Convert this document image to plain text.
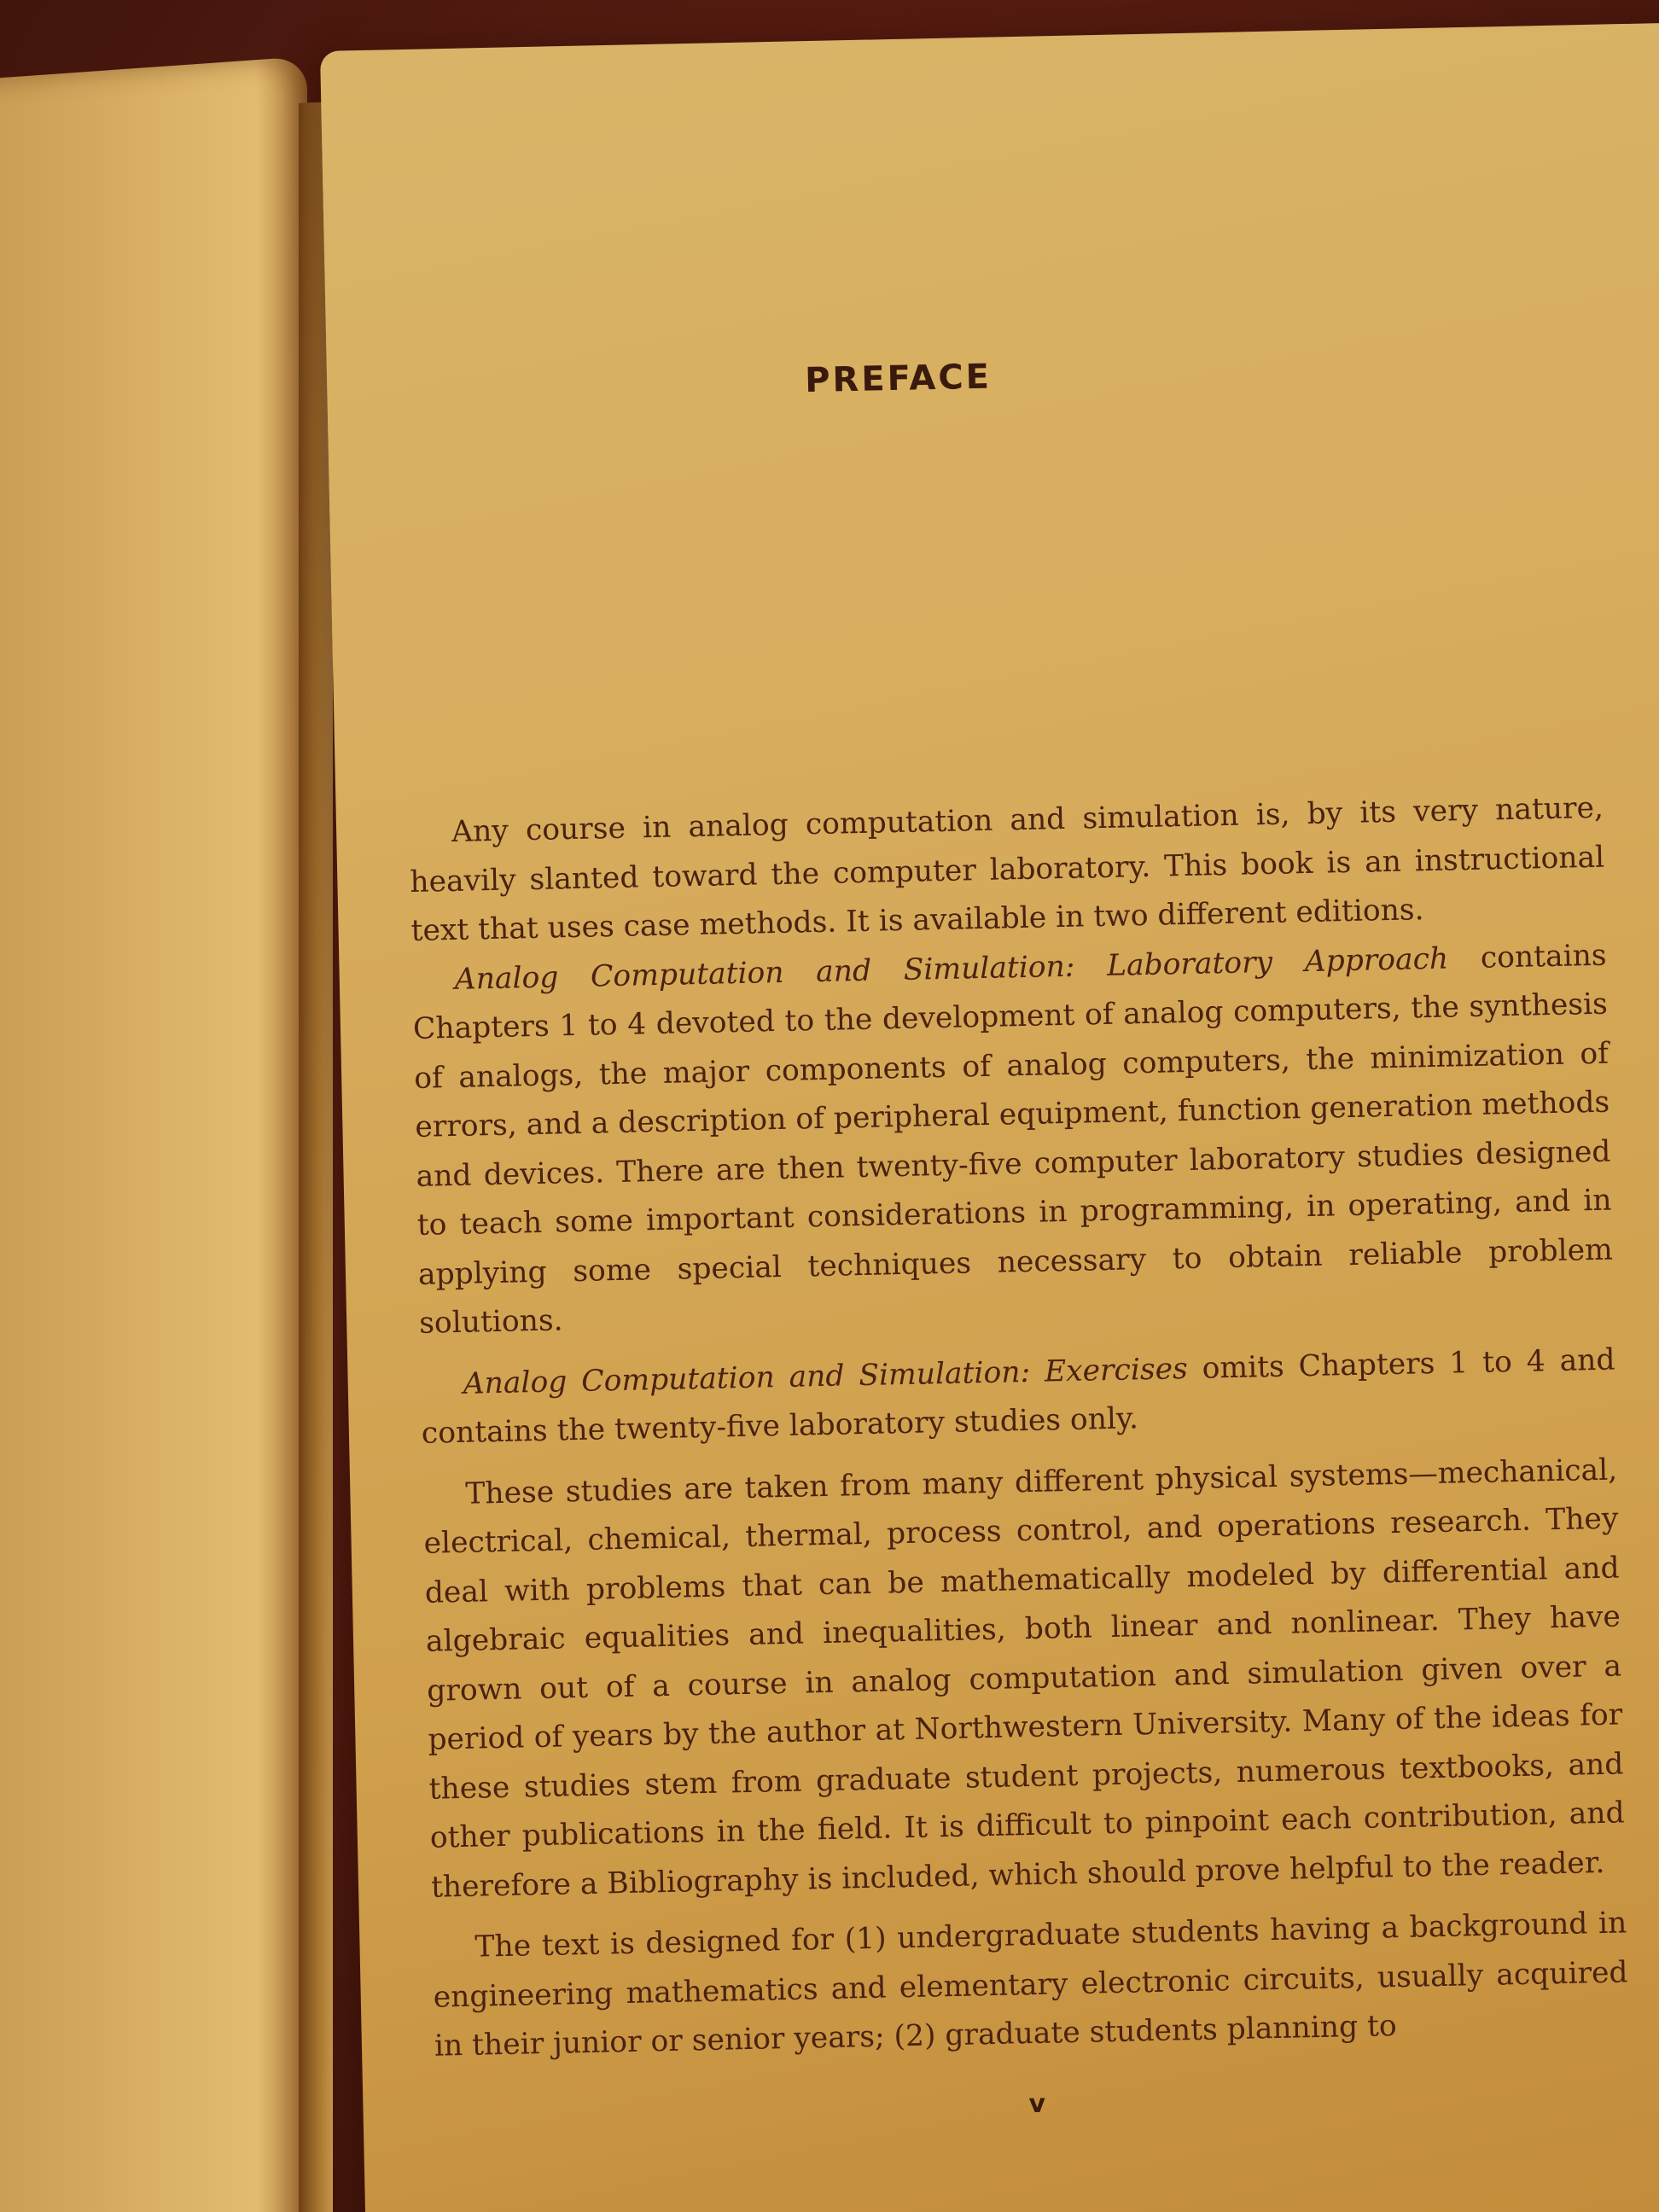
PREFACE

Any course in analog computation and simulation is, by its very nature, heavily slanted toward the computer laboratory. This book is an instructional text that uses case methods. It is available in two different editions.

Analog Computation and Simulation: Laboratory Approach contains Chapters 1 to 4 devoted to the development of analog computers, the synthesis of analogs, the major components of analog computers, the minimization of errors, and a description of peripheral equipment, function generation methods and devices. There are then twenty-five computer laboratory studies designed to teach some important considerations in programming, in operating, and in applying some special techniques necessary to obtain reliable problem solutions.

Analog Computation and Simulation: Exercises omits Chapters 1 to 4 and contains the twenty-five laboratory studies only.

These studies are taken from many different physical systems—mechanical, electrical, chemical, thermal, process control, and operations research. They deal with problems that can be mathematically modeled by differential and algebraic equalities and inequalities, both linear and nonlinear. They have grown out of a course in analog computation and simulation given over a period of years by the author at Northwestern University. Many of the ideas for these studies stem from graduate student projects, numerous textbooks, and other publications in the field. It is difficult to pinpoint each contribution, and therefore a Bibliography is included, which should prove helpful to the reader.

The text is designed for (1) undergraduate students having a background in engineering mathematics and elementary electronic circuits, usually acquired in their junior or senior years; (2) graduate students planning to

v
